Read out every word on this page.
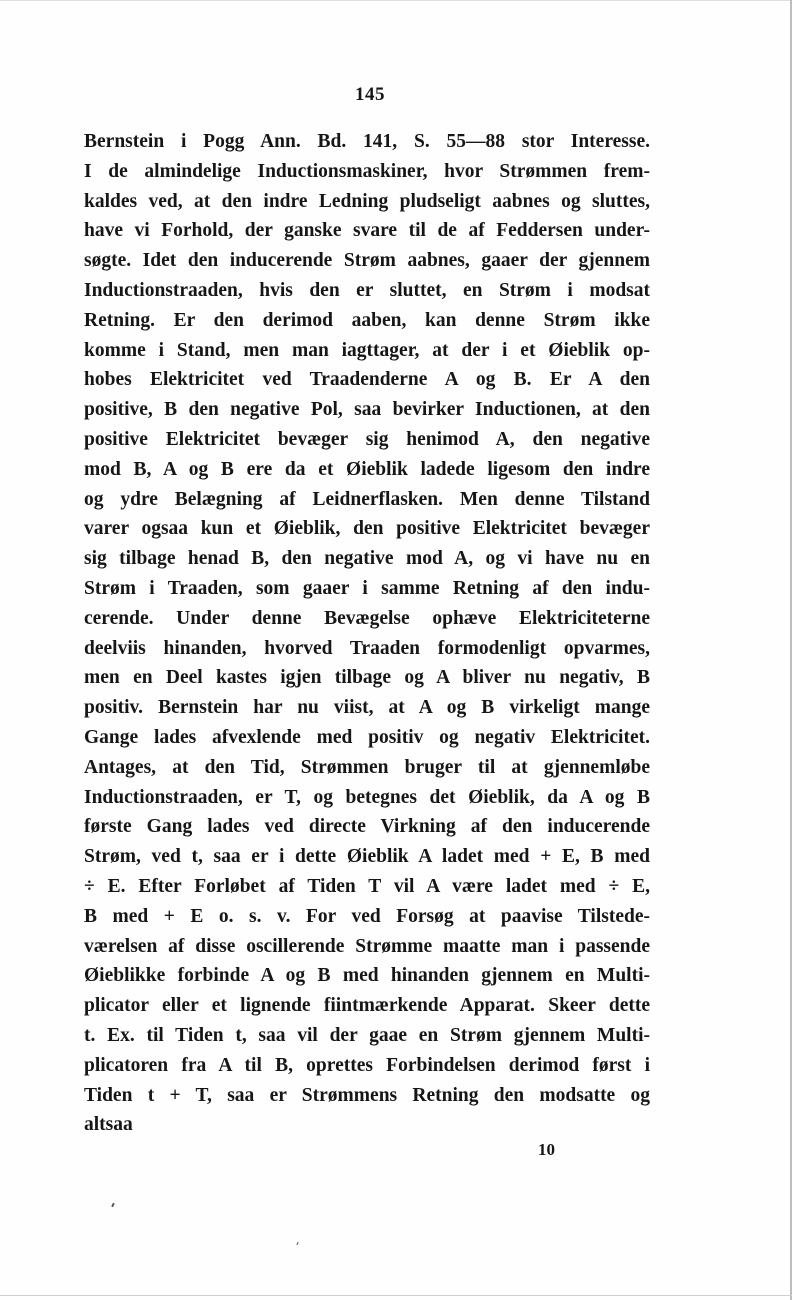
145
Bernstein i Pogg Ann. Bd. 141, S. 55—88 stor Interesse.
I de almindelige Inductionsmaskiner, hvor Strømmen frem-
kaldes ved, at den indre Ledning pludseligt aabnes og sluttes,
have vi Forhold, der ganske svare til de af Feddersen under-
søgte. Idet den inducerende Strøm aabnes, gaaer der gjennem
Inductionstraaden, hvis den er sluttet, en Strøm i modsat
Retning. Er den derimod aaben, kan denne Strøm ikke
komme i Stand, men man iagttager, at der i et Øieblik op-
hobes Elektricitet ved Traadenderne A og B. Er A den
positive, B den negative Pol, saa bevirker Inductionen, at den
positive Elektricitet bevæger sig henimod A, den negative
mod B, A og B ere da et Øieblik ladede ligesom den indre
og ydre Belægning af Leidnerflasken. Men denne Tilstand
varer ogsaa kun et Øieblik, den positive Elektricitet bevæger
sig tilbage henad B, den negative mod A, og vi have nu en
Strøm i Traaden, som gaaer i samme Retning af den indu-
cerende. Under denne Bevægelse ophæve Elektriciteterne
deelviis hinanden, hvorved Traaden formodenligt opvarmes,
men en Deel kastes igjen tilbage og A bliver nu negativ, B
positiv. Bernstein har nu viist, at A og B virkeligt mange
Gange lades afvexlende med positiv og negativ Elektricitet.
Antages, at den Tid, Strømmen bruger til at gjennemløbe
Inductionstraaden, er T, og betegnes det Øieblik, da A og B
første Gang lades ved directe Virkning af den inducerende
Strøm, ved t, saa er i dette Øieblik A ladet med + E, B med
÷ E. Efter Forløbet af Tiden T vil A være ladet med ÷ E,
B med + E o. s. v. For ved Forsøg at paavise Tilstede-
værelsen af disse oscillerende Strømme maatte man i passende
Øieblikke forbinde A og B med hinanden gjennem en Multi-
plicator eller et lignende fiintmærkende Apparat. Skeer dette
t. Ex. til Tiden t, saa vil der gaae en Strøm gjennem Multi-
plicatoren fra A til B, oprettes Forbindelsen derimod først i
Tiden t + T, saa er Strømmens Retning den modsatte og
altsaa
10
